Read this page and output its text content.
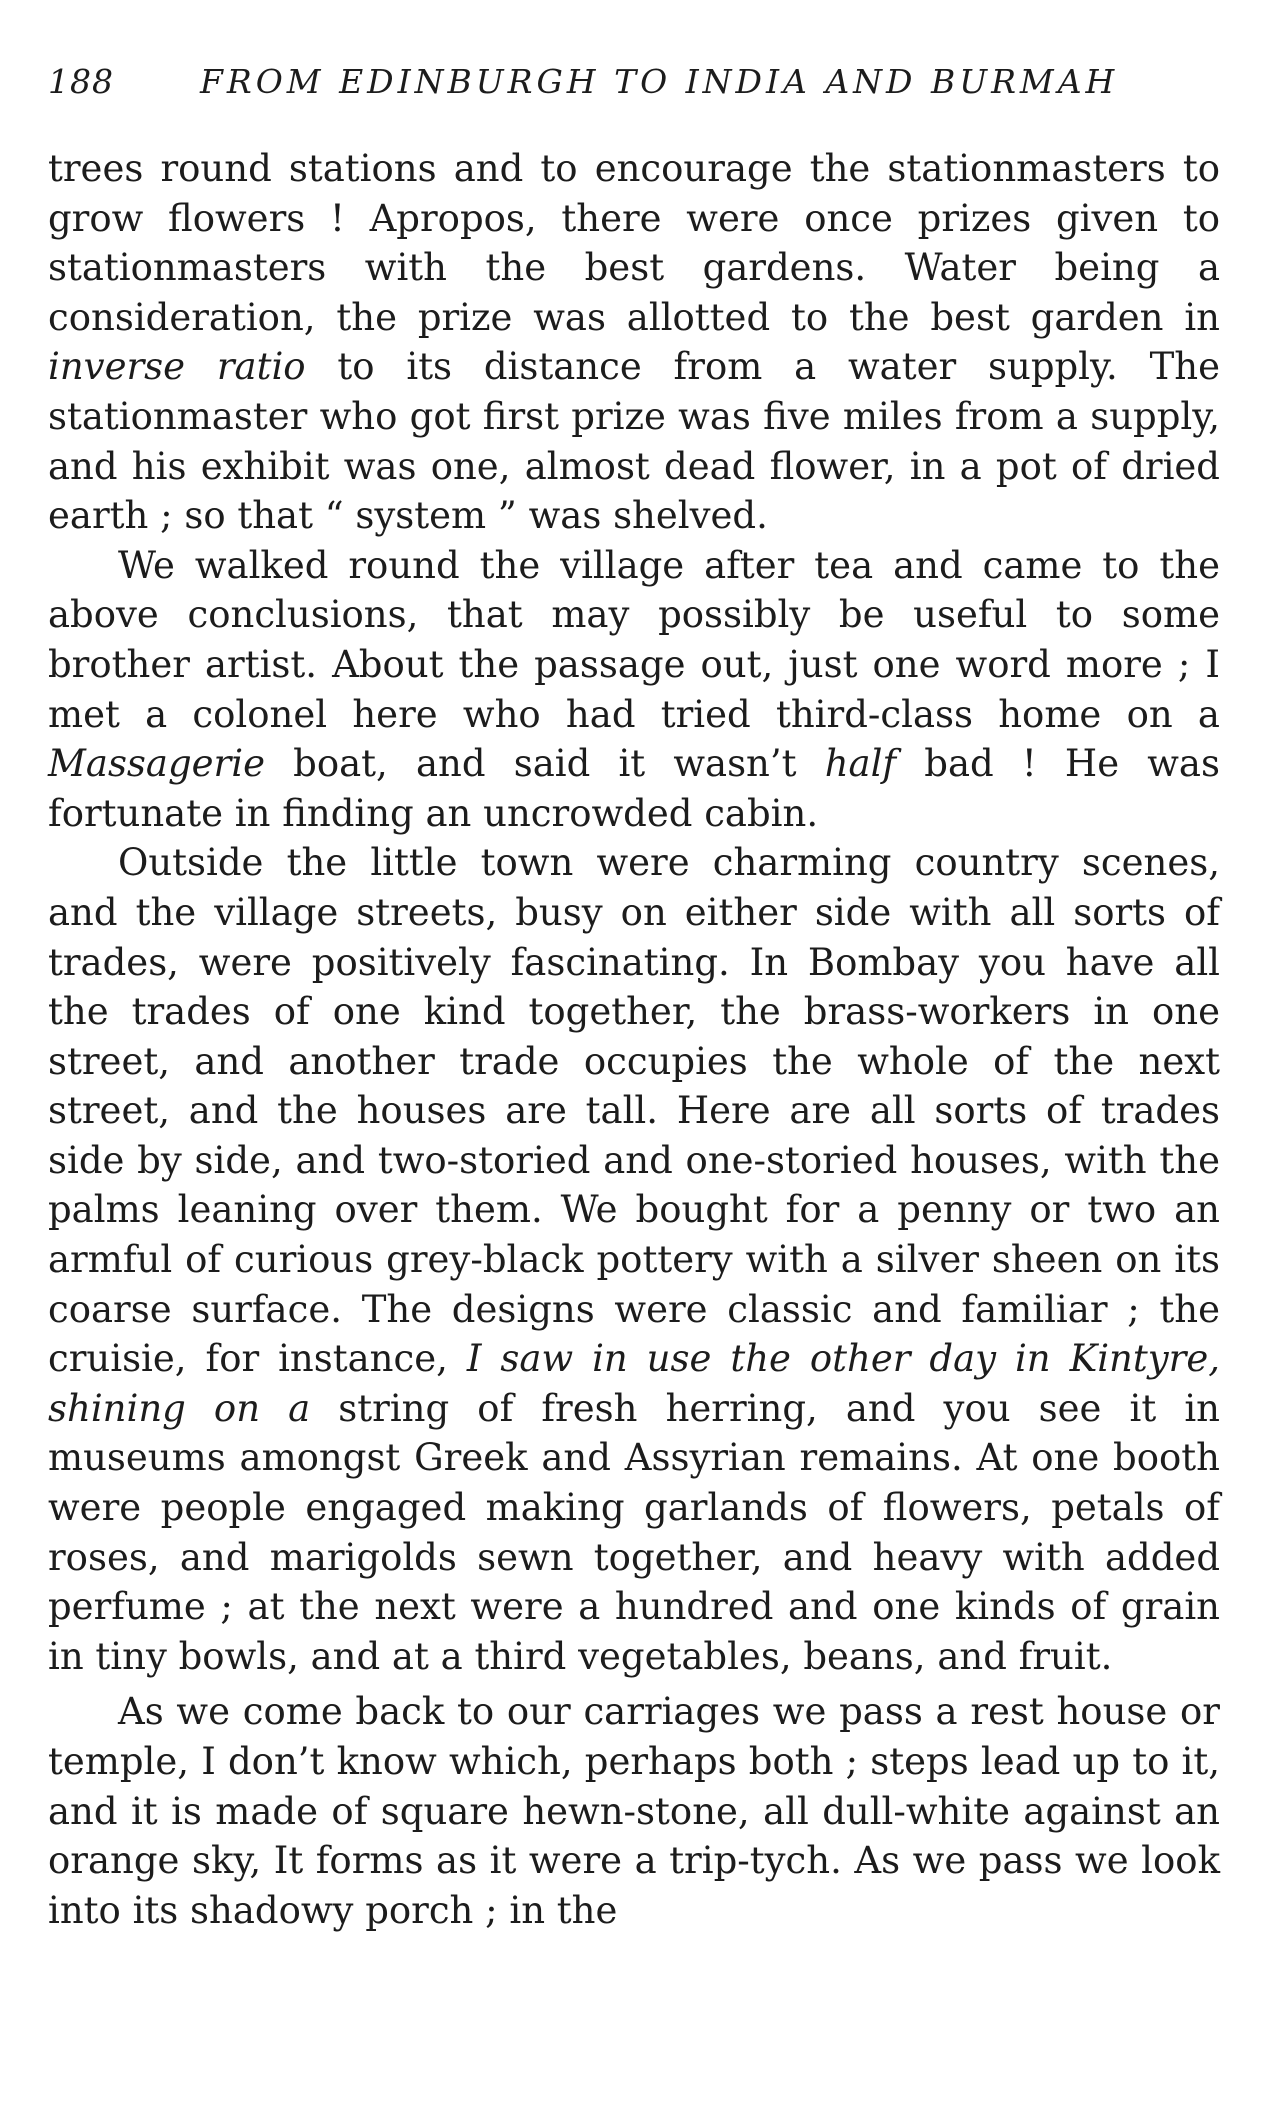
188	FROM EDINBURGH TO INDIA AND BURMAH

trees round stations and to encourage the stationmasters to grow flowers ! Apropos, there were once prizes given to stationmasters with the best gardens. Water being a consideration, the prize was allotted to the best garden in inverse ratio to its distance from a water supply. The stationmaster who got first prize was five miles from a supply, and his exhibit was one, almost dead flower, in a pot of dried earth ; so that “ system ” was shelved.

We walked round the village after tea and came to the above conclusions, that may possibly be useful to some brother artist. About the passage out, just one word more ; I met a colonel here who had tried third-class home on a Massagerie boat, and said it wasn’t half bad ! He was fortunate in finding an uncrowded cabin.

Outside the little town were charming country scenes, and the village streets, busy on either side with all sorts of trades, were positively fascinating. In Bombay you have all the trades of one kind together, the brass-workers in one street, and another trade occupies the whole of the next street, and the houses are tall. Here are all sorts of trades side by side, and two-storied and one-storied houses, with the palms leaning over them. We bought for a penny or two an armful of curious grey-black pottery with a silver sheen on its coarse surface. The designs were classic and familiar ; the cruisie, for instance, I saw in use the other day in Kintyre, shining on a string of fresh herring, and you see it in museums amongst Greek and Assyrian remains. At one booth were people engaged making garlands of flowers, petals of roses, and marigolds sewn together, and heavy with added perfume ; at the next were a hundred and one kinds of grain in tiny bowls, and at a third vegetables, beans, and fruit.

As we come back to our carriages we pass a rest house or temple, I don’t know which, perhaps both ; steps lead up to it, and it is made of square hewn-stone, all dull-white against an orange sky, It forms as it were a trip-tych. As we pass we look into its shadowy porch ; in the
